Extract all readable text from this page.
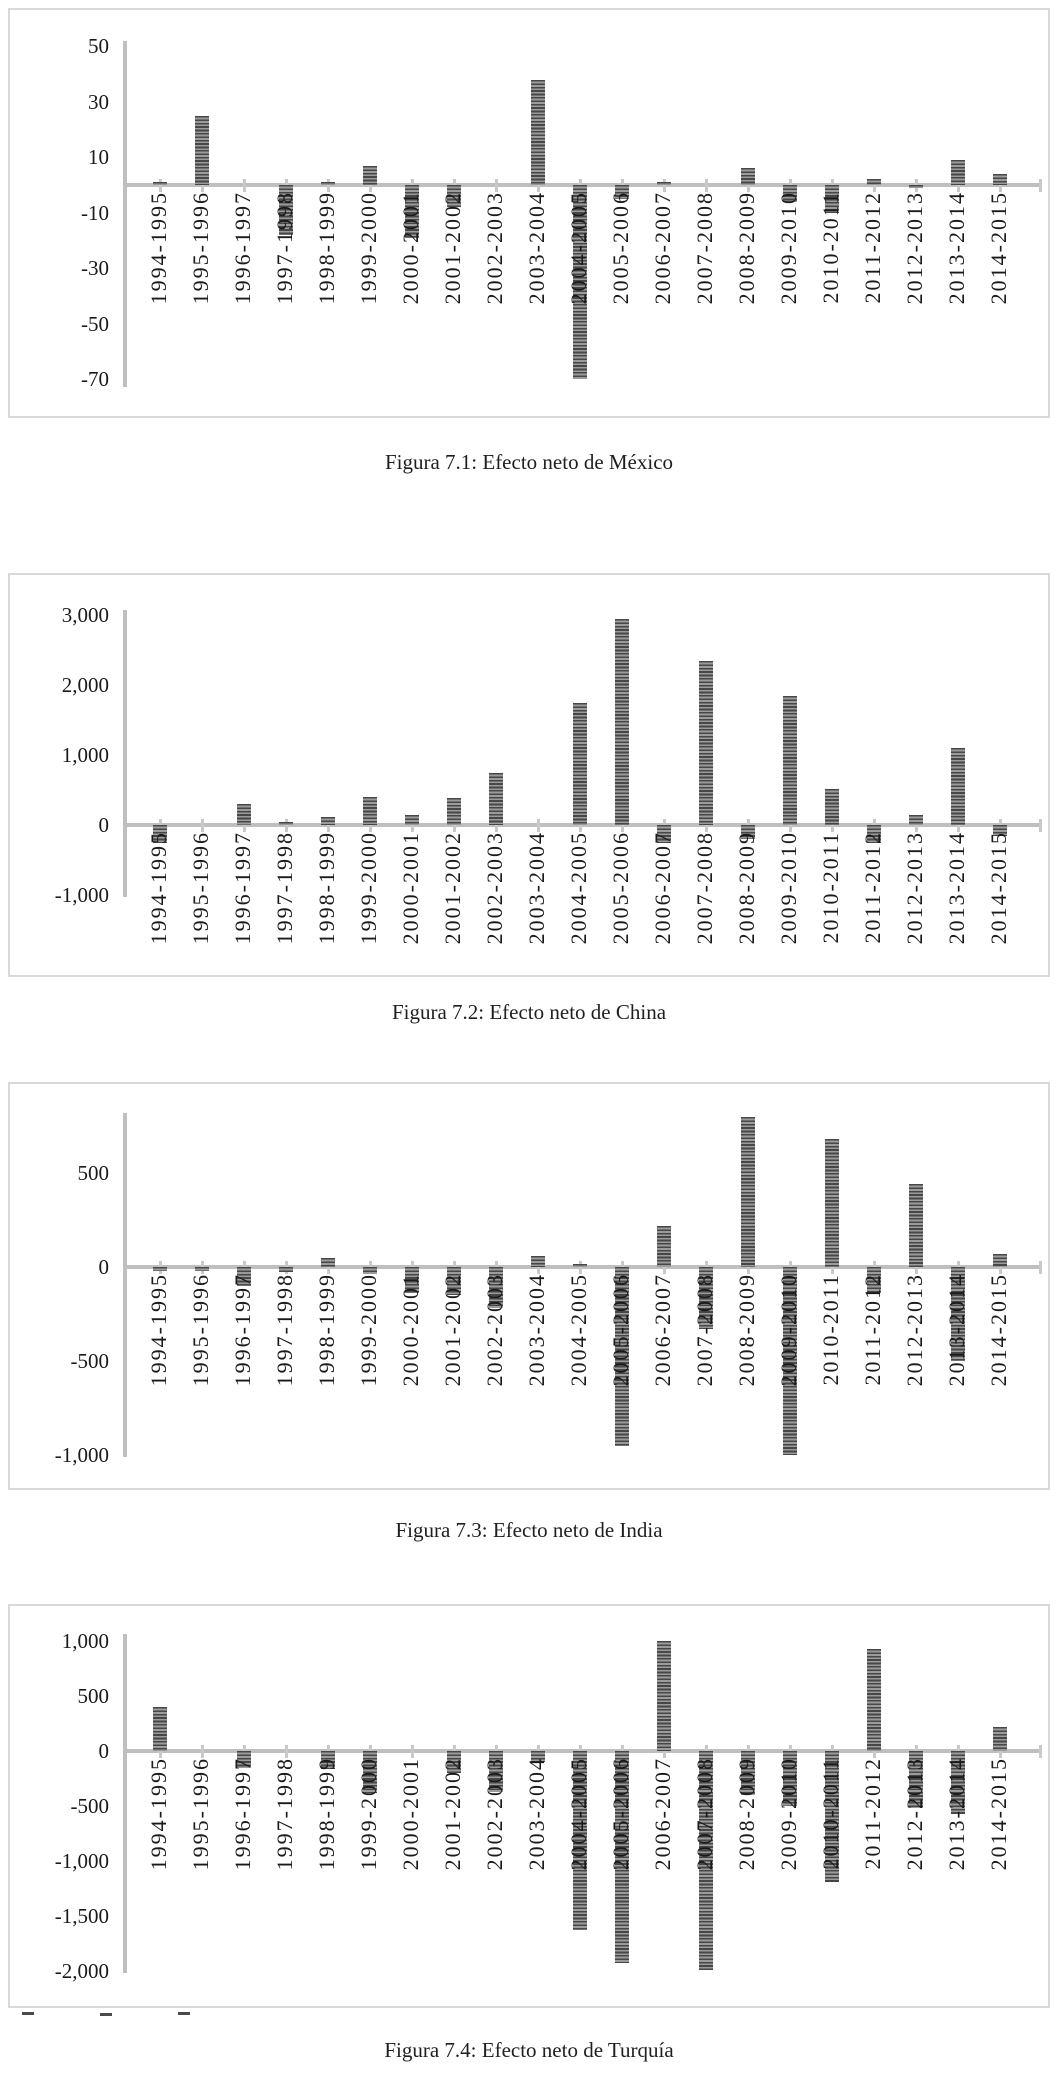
50
30
10
-10
-30
-50
-70
1994-1995 1995-1996 1996-1997 1997-1998 1998-1999 1999-2000 2000-2001 2001-2002 2002-2003 2003-2004 2004-2005 2005-2006 2006-2007 2007-2008 2008-2009 2009-2010 2010-2011 2011-2012 2012-2013 2013-2014 2014-2015
Figura 7.1: Efecto neto de México
3,000
2,000
1,000
0
-1,000 1994-1995 1995-1996 1996-1997 1997-1998 1998-1999 1999-2000 2000-2001 2001-2002 2002-2003 2003-2004 2004-2005 2005-2006 2006-2007 2007-2008 2008-2009 2009-2010 2010-2011 2011-2012 2012-2013 2013-2014 2014-2015
Figura 7.2: Efecto neto de China
500
0
-500
-1,000
1994-1995 1995-1996 1996-1997 1997-1998 1998-1999 1999-2000 2000-2001 2001-2002 2002-2003 2003-2004 2004-2005 2005-2006 2006-2007 2007-2008 2008-2009 2009-2010 2010-2011 2011-2012 2012-2013 2013-2014 2014-2015
Figura 7.3: Efecto neto de India
1,000
500
0
-500
-1,000
-1,500
-2,000
1994-1995 1995-1996 1996-1997 1997-1998 1998-1999 1999-2000 2000-2001 2001-2002 2002-2003 2003-2004 2004-2005 2005-2006 2006-2007 2007-2008 2008-2009 2009-2010 2010-2011 2011-2012 2012-2013 2013-2014 2014-2015
Figura 7.4: Efecto neto de Turquía
